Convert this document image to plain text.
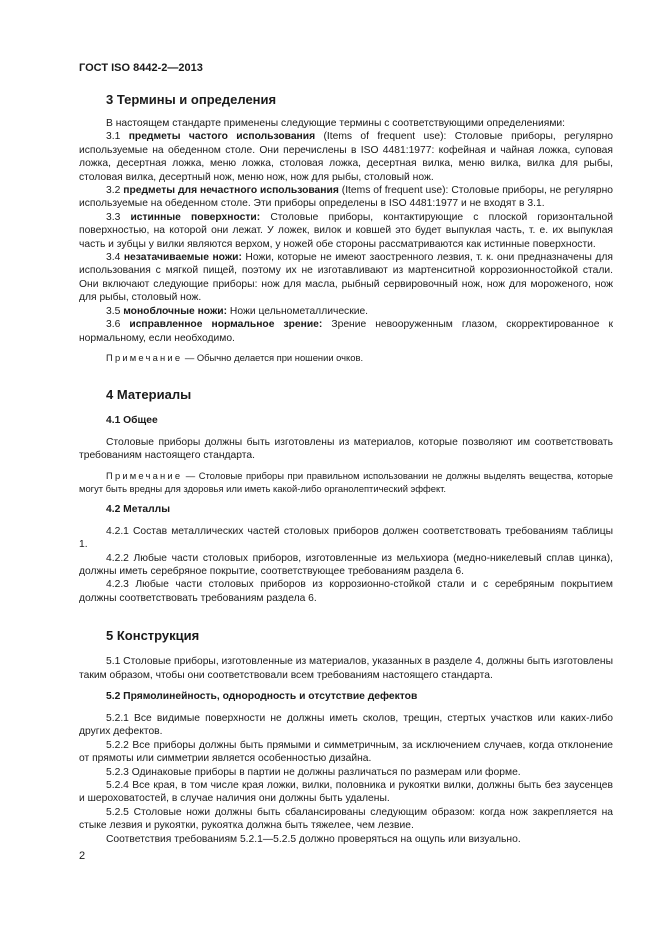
ГОСТ ISO 8442-2—2013
3 Термины и определения

В настоящем стандарте применены следующие термины с соответствующими определениями:

3.1 предметы частого использования (Items of frequent use): Столовые приборы, регулярно используемые на обеденном столе. Они перечислены в ISO 4481:1977: кофейная и чайная ложка, суповая ложка, десертная ложка, меню ложка, столовая ложка, десертная вилка, меню вилка, вилка для рыбы, столовая вилка, десертный нож, меню нож, нож для рыбы, столовый нож.

3.2 предметы для нечастного использования (Items of frequent use): Столовые приборы, не регулярно используемые на обеденном столе. Эти приборы определены в ISO 4481:1977 и не входят в 3.1.

3.3 истинные поверхности: Столовые приборы, контактирующие с плоской горизонтальной поверхностью, на которой они лежат. У ложек, вилок и ковшей это будет выпуклая часть, т. е. их выпуклая часть и зубцы у вилки являются верхом, у ножей обе стороны рассматриваются как истинные поверхности.

3.4 незатачиваемые ножи: Ножи, которые не имеют заостренного лезвия, т. к. они предназначены для использования с мягкой пищей, поэтому их не изготавливают из мартенситной коррозионностойкой стали. Они включают следующие приборы: нож для масла, рыбный сервировочный нож, нож для мороженого, нож для рыбы, столовый нож.

3.5 моноблочные ножи: Ножи цельнометаллические.

3.6 исправленное нормальное зрение: Зрение невооруженным глазом, скорректированное к нормальному, если необходимо.

Примечание — Обычно делается при ношении очков.
4 Материалы
4.1 Общее

Столовые приборы должны быть изготовлены из материалов, которые позволяют им соответствовать требованиям настоящего стандарта.

Примечание — Столовые приборы при правильном использовании не должны выделять вещества, которые могут быть вредны для здоровья или иметь какой-либо органолептический эффект.
4.2 Металлы

4.2.1 Состав металлических частей столовых приборов должен соответствовать требованиям таблицы 1.

4.2.2 Любые части столовых приборов, изготовленные из мельхиора (медно-никелевый сплав цинка), должны иметь серебряное покрытие, соответствующее требованиям раздела 6.

4.2.3 Любые части столовых приборов из коррозионно-стойкой стали и с серебряным покрытием должны соответствовать требованиям раздела 6.

5 Конструкция

5.1 Столовые приборы, изготовленные из материалов, указанных в разделе 4, должны быть изготовлены таким образом, чтобы они соответствовали всем требованиям настоящего стандарта.

5.2 Прямолинейность, однородность и отсутствие дефектов

5.2.1 Все видимые поверхности не должны иметь сколов, трещин, стертых участков или каких-либо других дефектов.

5.2.2 Все приборы должны быть прямыми и симметричным, за исключением случаев, когда отклонение от прямоты или симметрии является особенностью дизайна.

5.2.3 Одинаковые приборы в партии не должны различаться по размерам или форме.

5.2.4 Все края, в том числе края ложки, вилки, половника и рукоятки вилки, должны быть без заусенцев и шероховатостей, в случае наличия они должны быть удалены.

5.2.5 Столовые ножи должны быть сбалансированы следующим образом: когда нож закрепляется на стыке лезвия и рукоятки, рукоятка должна быть тяжелее, чем лезвие.

Соответствия требованиям 5.2.1—5.2.5 должно проверяться на ощупь или визуально.

2
